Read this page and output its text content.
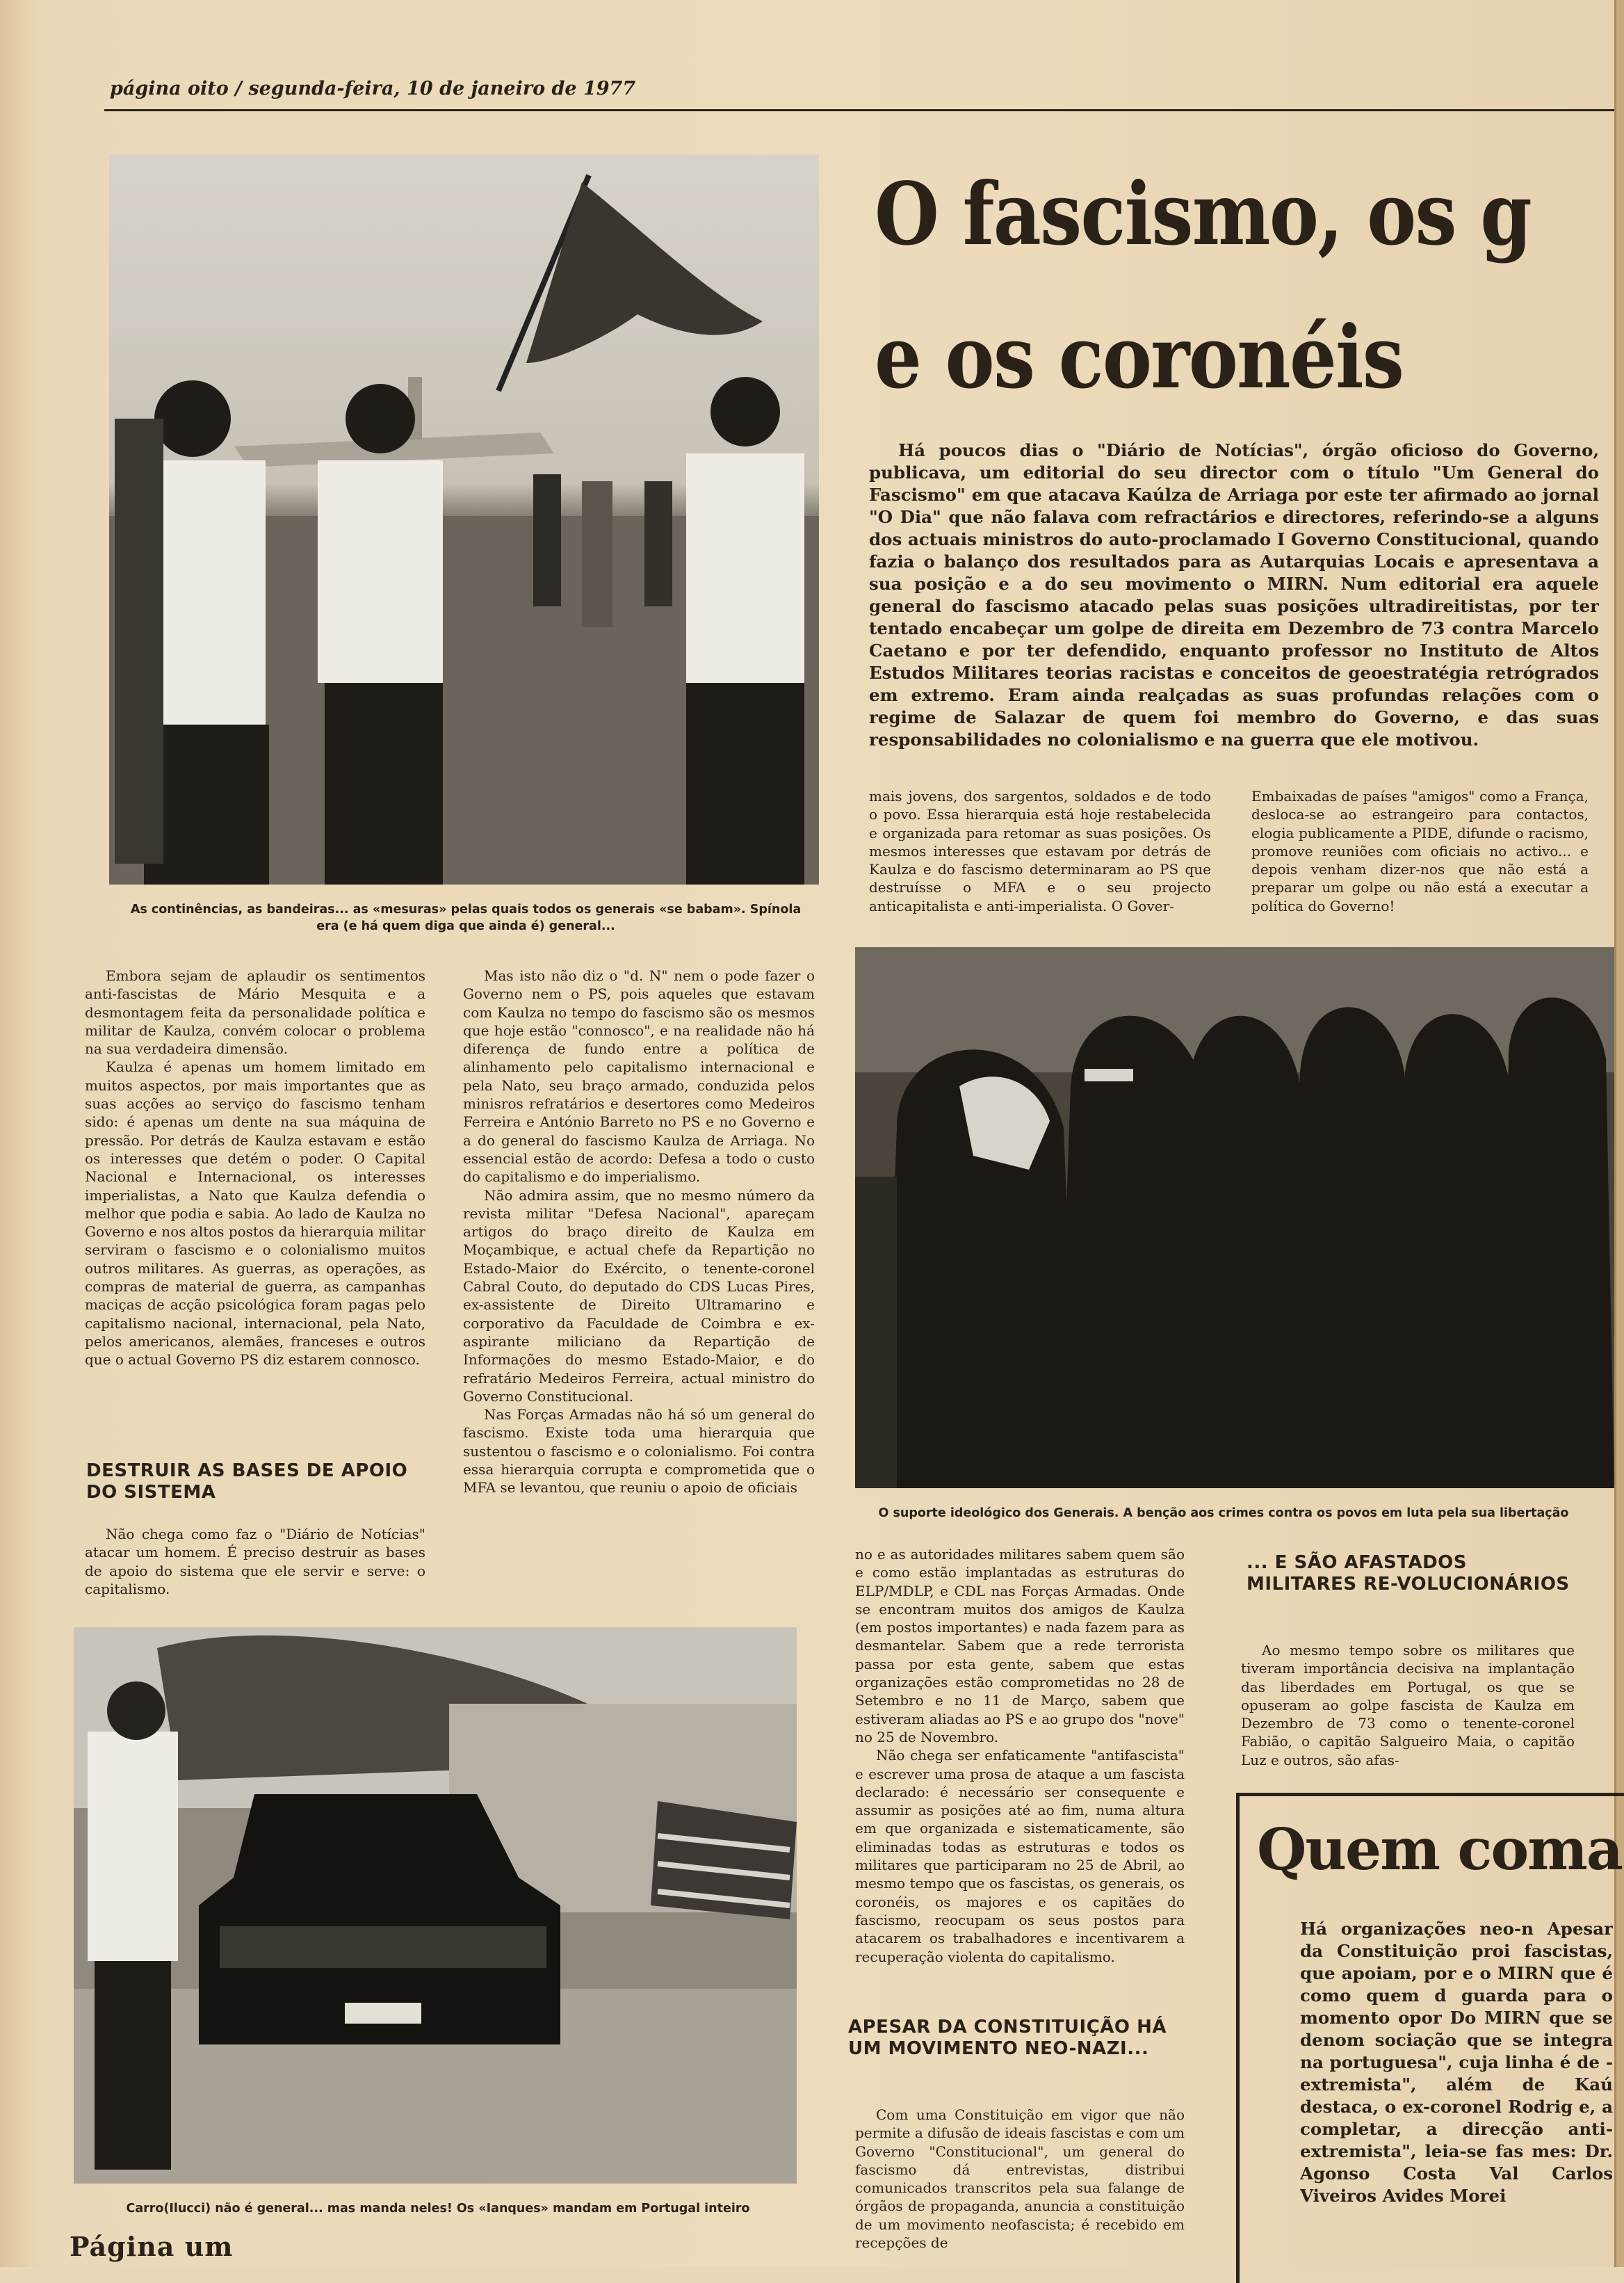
página oito / segunda-feira, 10 de janeiro de 1977
As continências, as bandeiras... as «mesuras» pelas quais todos os generais «se babam». Spínola era (e há quem diga que ainda é) general...
O fascismo, os g
e os coronéis
Há poucos dias o "Diário de Notícias", órgão oficioso do Governo, publicava, um editorial do seu director com o título "Um General do Fascismo" em que atacava Kaúlza de Arriaga por este ter afirmado ao jornal "O Dia" que não falava com refractários e directores, referindo-se a alguns dos actuais ministros do auto-proclamado I Governo Constitucional, quando fazia o balanço dos resultados para as Autarquias Locais e apresentava a sua posição e a do seu movimento o MIRN. Num editorial era aquele general do fascismo atacado pelas suas posições ultradireitistas, por ter tentado encabeçar um golpe de direita em Dezembro de 73 contra Marcelo Caetano e por ter defendido, enquanto professor no Instituto de Altos Estudos Militares teorias racistas e conceitos de geoestratégia retrógrados em extremo. Eram ainda realçadas as suas profundas relações com o regime de Salazar de quem foi membro do Governo, e das suas responsabilidades no colonialismo e na guerra que ele motivou.

mais jovens, dos sargentos, soldados e de todo o povo. Essa hierarquia está hoje restabelecida e organizada para retomar as suas posições. Os mesmos interesses que estavam por detrás de Kaulza e do fascismo determinaram ao PS que destruísse o MFA e o seu projecto anticapitalista e anti-imperialista. O Gover-

Embaixadas de países "amigos" como a França, desloca-se ao estrangeiro para contactos, elogia publicamente a PIDE, difunde o racismo, promove reuniões com oficiais no activo... e depois venham dizer-nos que não está a preparar um golpe ou não está a executar a política do Governo!

O suporte ideológico dos Generais. A benção aos crimes contra os povos em luta pela sua libertação

Embora sejam de aplaudir os sentimentos anti-fascistas de Mário Mesquita e a desmontagem feita da personalidade política e militar de Kaulza, convém colocar o problema na sua verdadeira dimensão.

Kaulza é apenas um homem limitado em muitos aspectos, por mais importantes que as suas acções ao serviço do fascismo tenham sido: é apenas um dente na sua máquina de pressão. Por detrás de Kaulza estavam e estão os interesses que detém o poder. O Capital Nacional e Internacional, os interesses imperialistas, a Nato que Kaulza defendia o melhor que podia e sabia. Ao lado de Kaulza no Governo e nos altos postos da hierarquia militar serviram o fascismo e o colonialismo muitos outros militares. As guerras, as operações, as compras de material de guerra, as campanhas maciças de acção psicológica foram pagas pelo capitalismo nacional, internacional, pela Nato, pelos americanos, alemães, franceses e outros que o actual Governo PS diz estarem connosco.

DESTRUIR AS BASES DE APOIO DO SISTEMA

Não chega como faz o "Diário de Notícias" atacar um homem. É preciso destruir as bases de apoio do sistema que ele servir e serve: o capitalismo.

Mas isto não diz o "d. N" nem o pode fazer o Governo nem o PS, pois aqueles que estavam com Kaulza no tempo do fascismo são os mesmos que hoje estão "connosco", e na realidade não há diferença de fundo entre a política de alinhamento pelo capitalismo internacional e pela Nato, seu braço armado, conduzida pelos minisros refratários e desertores como Medeiros Ferreira e António Barreto no PS e no Governo e a do general do fascismo Kaulza de Arriaga. No essencial estão de acordo: Defesa a todo o custo do capitalismo e do imperialismo.

Não admira assim, que no mesmo número da revista militar "Defesa Nacional", apareçam artigos do braço direito de Kaulza em Moçambique, e actual chefe da Repartição no Estado-Maior do Exército, o tenente-coronel Cabral Couto, do deputado do CDS Lucas Pires, ex-assistente de Direito Ultramarino e corporativo da Faculdade de Coimbra e ex-aspirante miliciano da Repartição de Informações do mesmo Estado-Maior, e do refratário Medeiros Ferreira, actual ministro do Governo Constitucional.

Nas Forças Armadas não há só um general do fascismo. Existe toda uma hierarquia que sustentou o fascismo e o colonialismo. Foi contra essa hierarquia corrupta e comprometida que o MFA se levantou, que reuniu o apoio de oficiais

Carro(Ilucci) não é general... mas manda neles! Os «Ianques» mandam em Portugal inteiro

no e as autoridades militares sabem quem são e como estão implantadas as estruturas do ELP/MDLP, e CDL nas Forças Armadas. Onde se encontram muitos dos amigos de Kaulza (em postos importantes) e nada fazem para as desmantelar. Sabem que a rede terrorista passa por esta gente, sabem que estas organizações estão comprometidas no 28 de Setembro e no 11 de Março, sabem que estiveram aliadas ao PS e ao grupo dos "nove" no 25 de Novembro.

Não chega ser enfaticamente "antifascista" e escrever uma prosa de ataque a um fascista declarado: é necessário ser consequente e assumir as posições até ao fim, numa altura em que organizada e sistematicamente, são eliminadas todas as estruturas e todos os militares que participaram no 25 de Abril, ao mesmo tempo que os fascistas, os generais, os coronéis, os majores e os capitães do fascismo, reocupam os seus postos para atacarem os trabalhadores e incentivarem a recuperação violenta do capitalismo.

APESAR DA CONSTITUIÇÃO HÁ UM MOVIMENTO NEO-NAZI...

Com uma Constituição em vigor que não permite a difusão de ideais fascistas e com um Governo "Constitucional", um general do fascismo dá entrevistas, distribui comunicados transcritos pela sua falange de órgãos de propaganda, anuncia a constituição de um movimento neofascista; é recebido em recepções de

... E SÃO AFASTADOS MILITARES RE-VOLUCIONÁRIOS

Ao mesmo tempo sobre os militares que tiveram importância decisiva na implantação das liberdades em Portugal, os que se opuseram ao golpe fascista de Kaulza em Dezembro de 73 como o tenente-coronel Fabião, o capitão Salgueiro Maia, o capitão Luz e outros, são afas-

Quem coma
Há organizações neo-n Apesar da Constituição proi fascistas, que apoiam, por e o MIRN que é como quem d guarda para o momento opor Do MIRN que se denom sociação que se integra na portuguesa", cuja linha é de -extremista", além de Kaú destaca, o ex-coronel Rodrig e, a completar, a direcção anti-extremista", leia-se fas mes: Dr. Agonso Costa Val Carlos Viveiros Avides Morei
Página um
